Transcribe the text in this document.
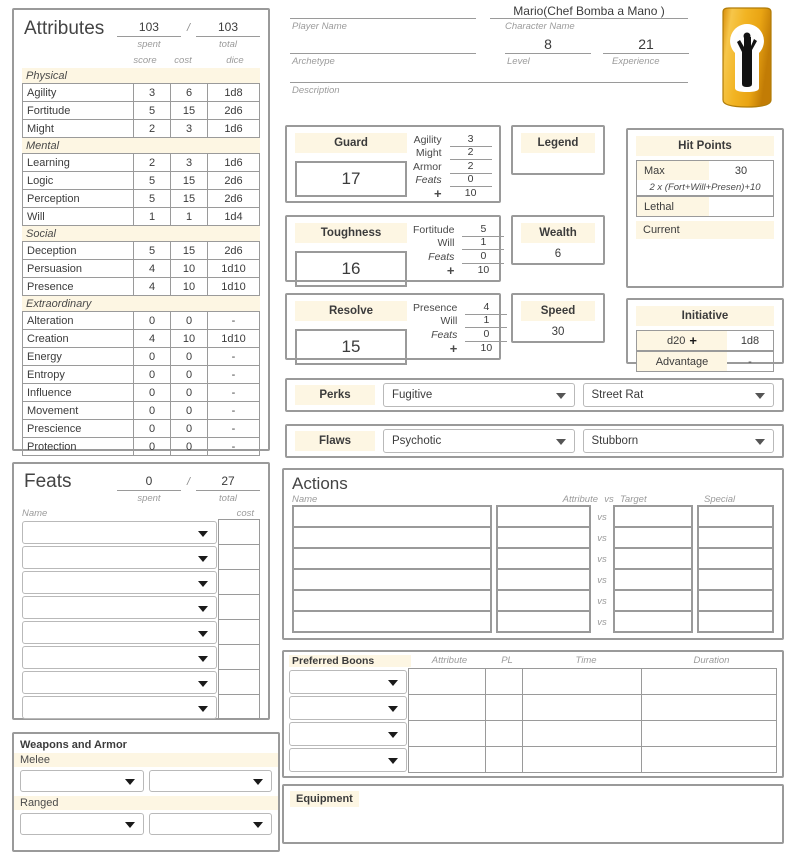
Attributes	103
spent
/	103
total
score	cost	dice
Physical
Agility	3	6	1d8
Fortitude	5	15	2d6
Might	2	3	1d6
Mental
Learning	2	3	1d6
Logic	5	15	2d6
Perception	5	15	2d6
Will	1	1	1d4
Social
Deception	5	15	2d6
Persuasion	4	10	1d10
Presence	4	10	1d10
Extraordinary
Alteration	0	0	-
Creation	4	10	1d10
Energy	0	0	-
Entropy	0	0	-
Influence	0	0	-
Movement	0	0	-
Prescience	0	0	-
Protection	0	0	-
Feats	0
spent
/	27
total
Name	cost
Weapons and Armor
Melee
Ranged
Player Name
Archetype
Description
Mario(Chef Bomba a Mano )
Character Name
8
Level
21
Experience
Guard
17
Agility	3
Might	2
Armor	2
Feats	0
+	10
Toughness
16
Fortitude	5
Will	1
Feats	0
+	10
Resolve
15
Presence	4
Will	1
Feats	0
+	10
Legend
Wealth
6
Speed
30
Hit Points
Max	30
2 x (Fort+Will+Presen)+10
Lethal
Current
Initiative
d20 +	1d8
Advantage	-
Perks	Fugitive	Street Rat
Flaws	Psychotic	Stubborn
Actions
Name	Attribute vs Target	Special
vs
vs
vs
vs
vs
vs
Preferred Boons	Attribute	PL	Time	Duration
Equipment
